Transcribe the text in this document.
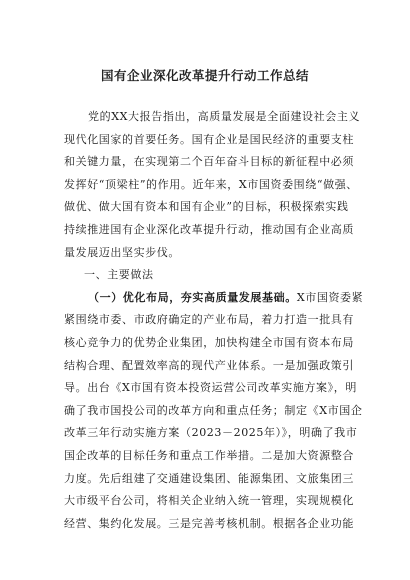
国有企业深化改革提升行动工作总结
党的XX大报告指出，高质量发展是全面建设社会主义
现代化国家的首要任务。国有企业是国民经济的重要支柱
和关键力量，在实现第二个百年奋斗目标的新征程中必须
发挥好“顶梁柱”的作用。近年来，X市国资委围绕“做强、
做优、做大国有资本和国有企业”的目标，积极探索实践
持续推进国有企业深化改革提升行动，推动国有企业高质
量发展迈出坚实步伐。
一、主要做法
（一）优化布局，夯实高质量发展基础。X市国资委紧
紧围绕市委、市政府确定的产业布局，着力打造一批具有
核心竞争力的优势企业集团，加快构建全市国有资本布局
结构合理、配置效率高的现代产业体系。一是加强政策引
导。出台《X市国有资本投资运营公司改革实施方案》，明
确了我市国投公司的改革方向和重点任务；制定《X市国企
改革三年行动实施方案（2023－2025年）》，明确了我市
国企改革的目标任务和重点工作举措。二是加大资源整合
力度。先后组建了交通建设集团、能源集团、文旅集团三
大市级平台公司，将相关企业纳入统一管理，实现规模化
经营、集约化发展。三是完善考核机制。根据各企业功能
